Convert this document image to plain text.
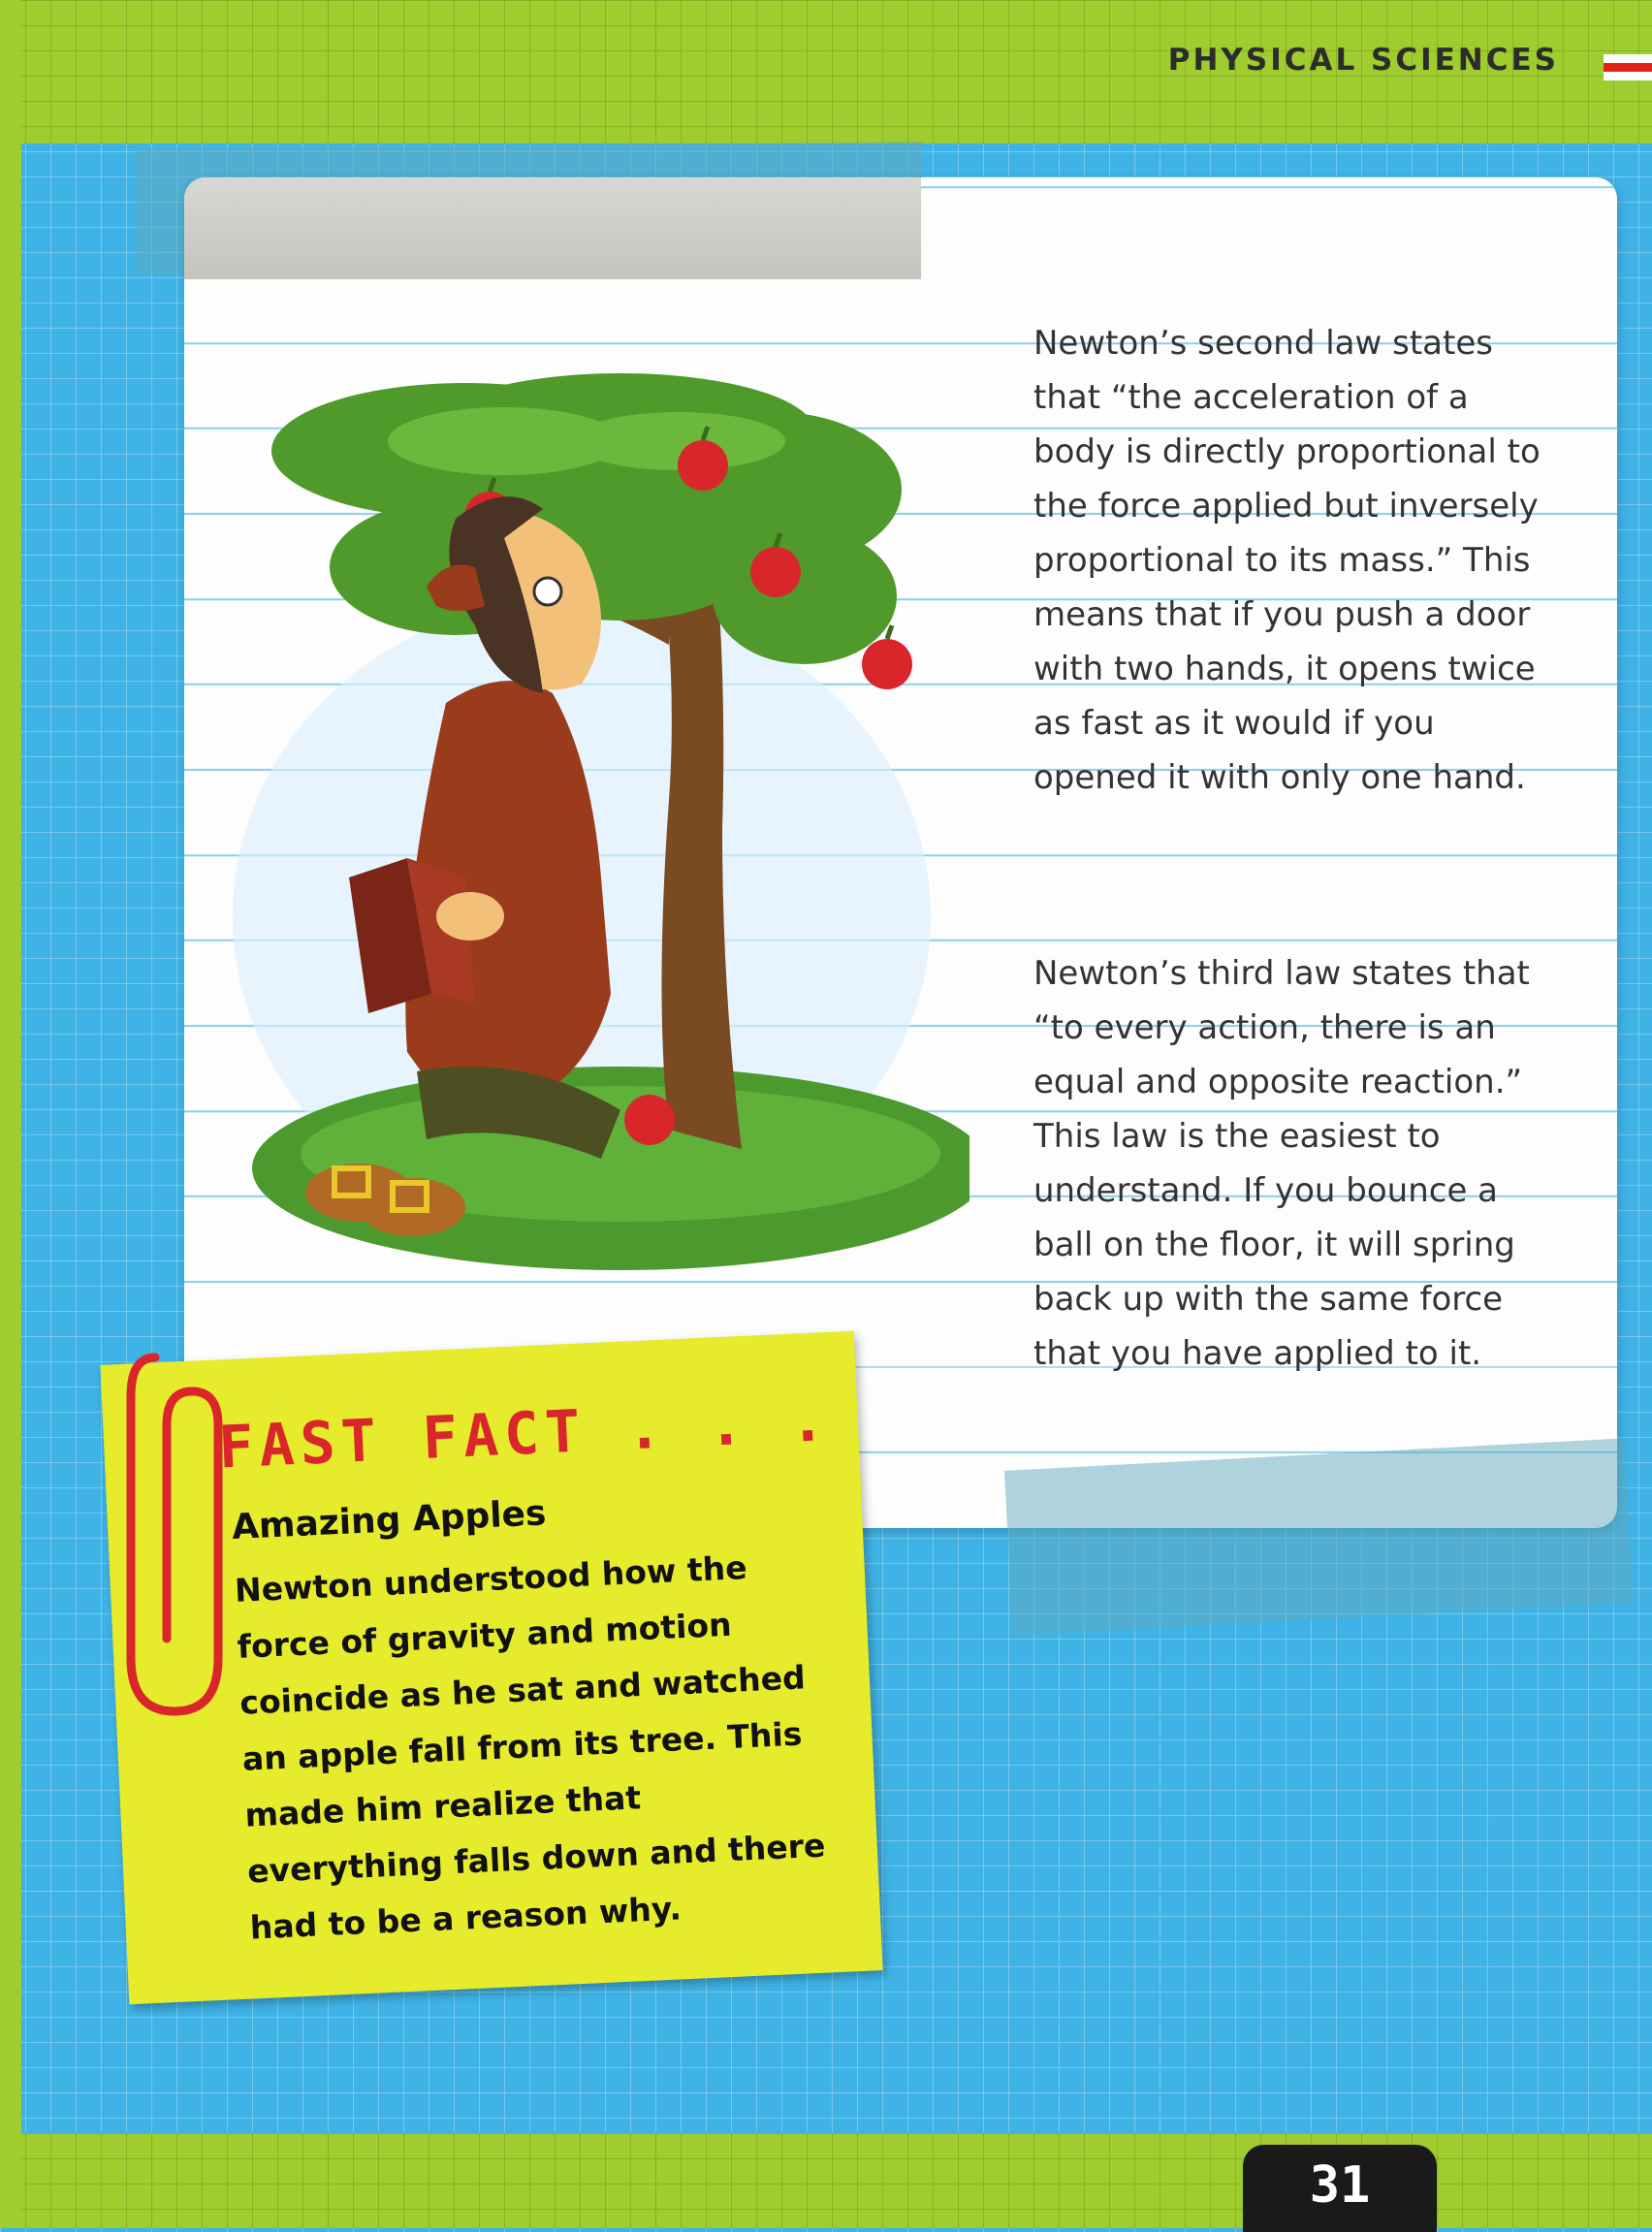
PHYSICAL SCIENCES

Newton’s second law states that “the acceleration of a body is directly proportional to the force applied but inversely proportional to its mass.” This means that if you push a door with two hands, it opens twice as fast as it would if you opened it with only one hand.

Newton’s third law states that “to every action, there is an equal and opposite reaction.” This law is the easiest to understand. If you bounce a ball on the floor, it will spring back up with the same force that you have applied to it.

FAST FACT . . .
Amazing Apples
Newton understood how the force of gravity and motion coincide as he sat and watched an apple fall from its tree. This made him realize that everything falls down and there had to be a reason why.
31
